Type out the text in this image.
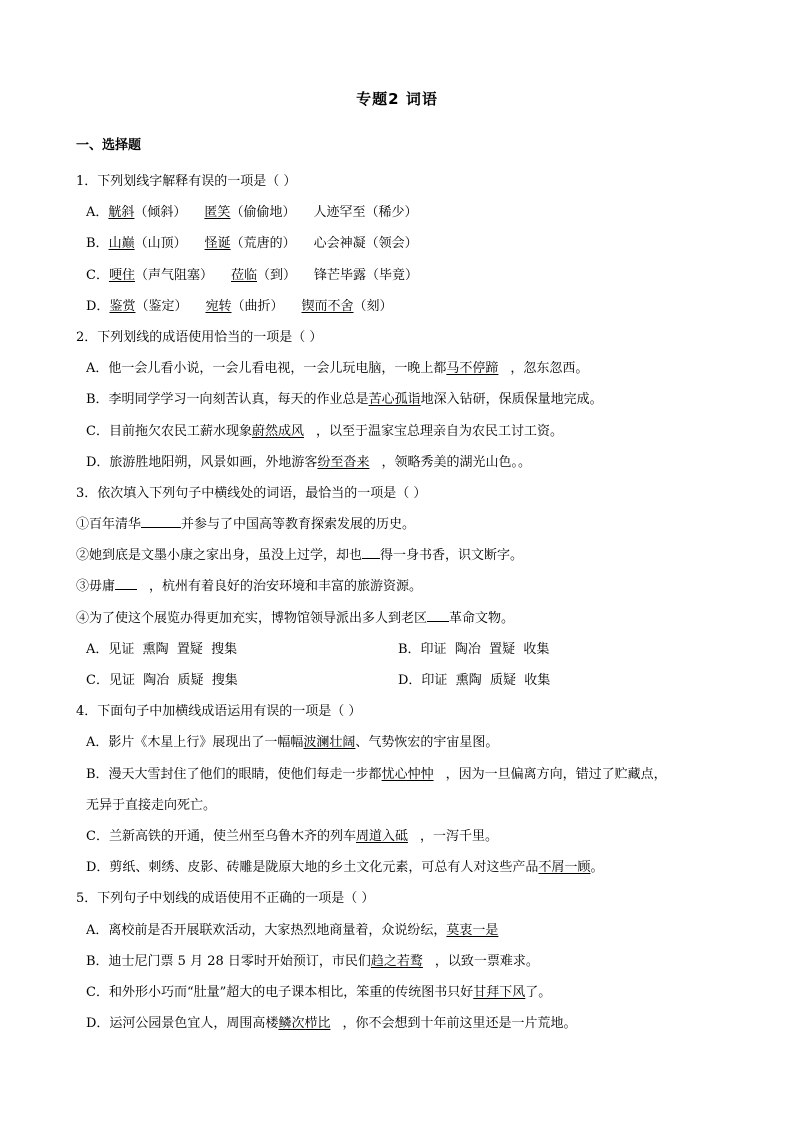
专题2 词语
一、选择题
1．下列划线字解释有误的一项是（ ）
A．觥斜（倾斜） 匿笑（偷偷地） 人迹罕至（稀少）
B．山巅（山顶） 怪诞（荒唐的） 心会神凝（领会）
C．哽住（声气阻塞） 莅临（到） 锋芒毕露（毕竟）
D．鉴赏（鉴定） 宛转（曲折） 锲而不舍（刻）
2．下列划线的成语使用恰当的一项是（ ）
A．他一会儿看小说，一会儿看电视，一会儿玩电脑，一晚上都马不停蹄 ，忽东忽西。
B．李明同学学习一向刻苦认真，每天的作业总是苦心孤诣地深入钻研，保质保量地完成。
C．目前拖欠农民工薪水现象蔚然成风 ，以至于温家宝总理亲自为农民工讨工资。
D．旅游胜地阳朔，风景如画，外地游客纷至沓来 ，领略秀美的湖光山色。。
3．依次填入下列句子中横线处的词语，最恰当的一项是（ ）
①百年清华	并参与了中国高等教育探索发展的历史。
②她到底是文墨小康之家出身，虽没上过学，却也 得一身书香，识文断字。
③毋庸	，杭州有着良好的治安环境和丰富的旅游资源。
④为了使这个展览办得更加充实，博物馆领导派出多人到老区 革命文物。
A．见证  熏陶  置疑  搜集	B．印证  陶冶  置疑  收集
C．见证  陶冶  质疑  搜集	D．印证  熏陶  质疑  收集
4．下面句子中加横线成语运用有误的一项是（ ）
A．影片《木星上行》展现出了一幅幅波澜壮阔、气势恢宏的宇宙星图。
B．漫天大雪封住了他们的眼睛，使他们每走一步都忧心忡忡 ，因为一旦偏离方向，错过了贮藏点，
无异于直接走向死亡。
C．兰新高铁的开通，使兰州至乌鲁木齐的列车周道入砥 ，一泻千里。
D．剪纸、刺绣、皮影、砖雕是陇原大地的乡土文化元素，可总有人对这些产品不屑一顾。
5．下列句子中划线的成语使用不正确的一项是（ ）
A．离校前是否开展联欢活动，大家热烈地商量着，众说纷纭，莫衷一是
B．迪士尼门票 5 月 28 日零时开始预订，市民们趋之若鹜 ，以致一票难求。
C．和外形小巧而“肚量”超大的电子课本相比，笨重的传统图书只好甘拜下风了。
D．运河公园景色宜人，周围高楼鳞次栉比 ，你不会想到十年前这里还是一片荒地。
